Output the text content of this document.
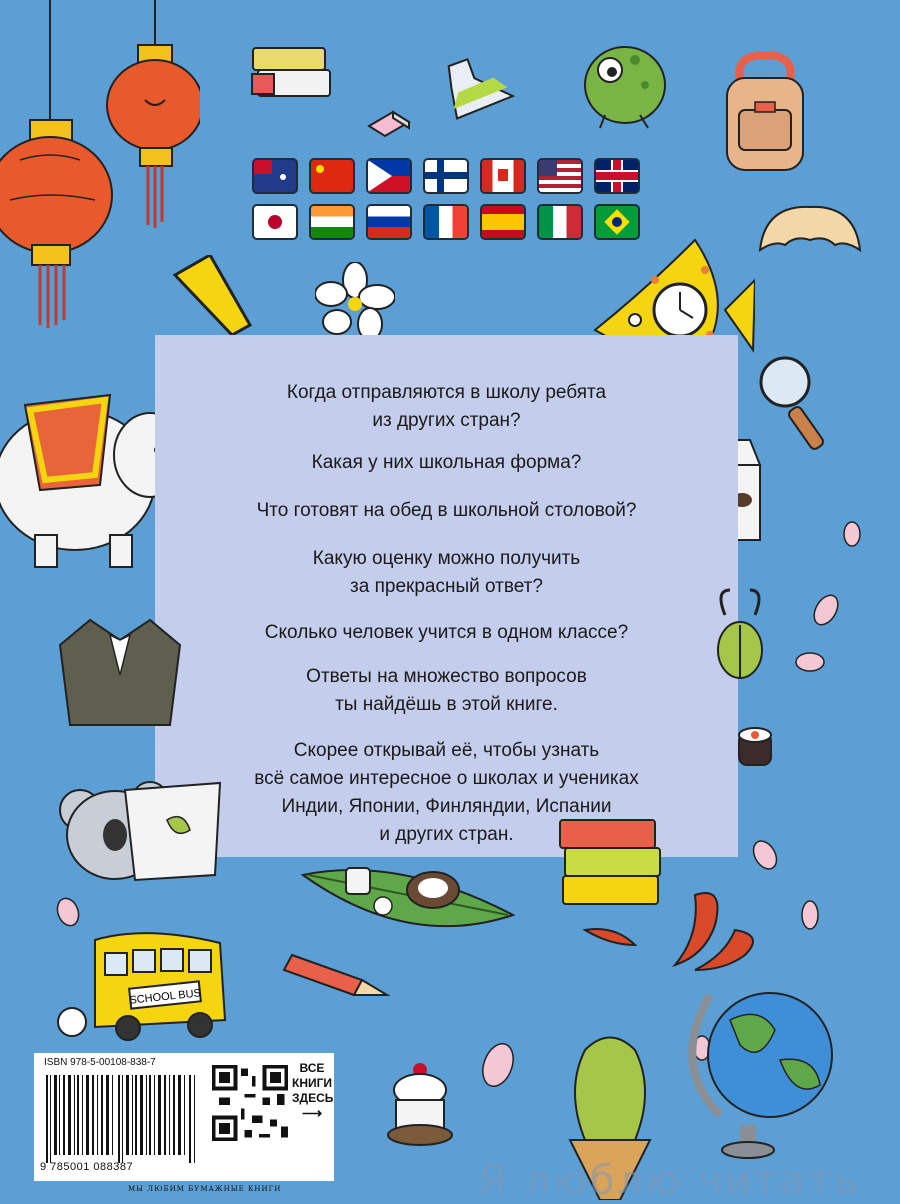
Когда отправляются в школу ребята
из других стран?

Какая у них школьная форма?

Что готовят на обед в школьной столовой?

Какую оценку можно получить
за прекрасный ответ?

Сколько человек учится в одном классе?

Ответы на множество вопросов
ты найдёшь в этой книге.

Скорее открывай её, чтобы узнать
всё самое интересное о школах и учениках
Индии, Японии, Финляндии, Испании
и других стран.

SCHOOL BUS
ISBN 978-5-00108-838-7
9 785001 088387
ВСЕ
КНИГИ
ЗДЕСЬ
⟶
МЫ ЛЮБИМ БУМАЖНЫЕ КНИГИ	Я люблю читать
